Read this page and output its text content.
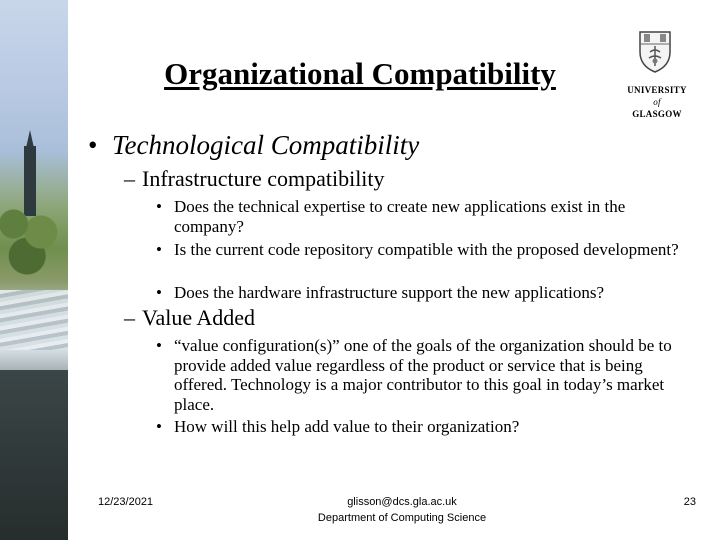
Organizational Compatibility	UNIVERSITY
of
GLASGOW
• Technological Compatibility
– Infrastructure compatibility
• Does the technical expertise to create new applications exist in the company?
• Is the current code repository compatible with the proposed development?
• Does the hardware infrastructure support the new applications?
– Value Added
• “value configuration(s)” one of the goals of the organization should be to provide added value regardless of the product or service that is being offered. Technology is a major contributor to this goal in today’s market place.
• How will this help add value to their organization?
12/23/2021	glisson@dcs.gla.ac.uk
Department of Computing Science
23
